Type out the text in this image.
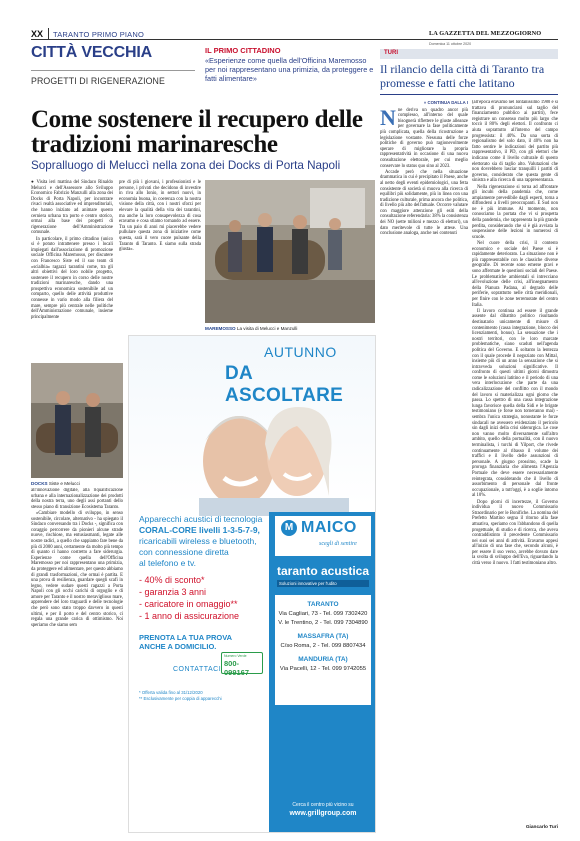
XX TARANTO PRIMO PIANO	LA GAZZETTA DEL MEZZOGIORNO
Domenica 11 ottobre 2020
CITTÀ VECCHIA
PROGETTI DI RIGENERAZIONE
IL PRIMO CITTADINO
«Esperienze come quella dell'Officina Maremosso per noi rappresentano una primizia, da proteggere e fatti alimentare»
TURI
Il rilancio della città di Taranto tra promesse e fatti che latitano
Come sostenere il recupero delle tradizioni marinaresche
Sopralluogo di Meluccì nella zona dei Docks di Porta Napoli

● Visita ieri mattina del Sindaco Rinaldo Melucci e dell'Assessore allo Sviluppo Economico Fabrizio Manzulli alla zona dei Docks di Porta Napoli, per incontrare rivaci realtà associative ed imprenditoriali, che hanno iniziato ad animare questo cerniera urbana tra porto e centro storico, ormai alla base dei progetti di rigenerazione dell'Amministrazione comunale.

In particolare, il primo cittadino (unico si è potuto intrattenere presso i locali impiegati dall'associazione di promozione sociale Officina Maremosso, per discutere con Francesco Siste ed il suo team di «scialbia» ragazzi tarantini come, tra gli altri obiettivi del loro nobile progetto, sostenere il recupero in corso delle nostre tradizioni marinaresche, dando una prospettiva economica sostenibile ad un comparto, quello delle attività produttive connesse in vario modo alla filiera del mare, sempre più centrale nelle politiche dell'Amministrazione comunale, insieme principalmente

pre di più i giovani, i professionisti e le persone, i privati che decidono di investire in riva allo Ionio, in settori nuovi, in economia buona, in coerenza con la nostra visione della città, con i nostri sforzi per elevare la qualità della vita dei tarantini, ma anche la loro consapevolezza di cosa eravamo e cosa stiamo tornando ad essere. Tra un paio di anni mi piacerebbe vedere pullulare questa zona di iniziative come questa, sarà il vero cuore pulsante della Taranto di Taranto. E siamo sulla strada giusta».

MAREMOSSO La visita di Melucci e Manzulli
DOCKS Siste e Melucci

all'innovazione digitale, alla riqualificazione urbana e alla internazionalizzazione dei prodotti della nostra terra, uno degli assi portanti dello stesso piano di transizione Ecosistema Taranto.

«Cambiare modello di sviluppo, in senso sostenibile, circolare, alternativo - ha spiegato il Sindaco conversando tra i Docks -, significa con coraggio percorrere da pionieri alcune strade nuove, rischiose, ma entusiasmanti, legate alle nostre radici, a quello che sappiamo fare bene da più di 2000 anni, certamente da molto più tempo di quanto ci hanno costretto a fare siderurgia. Esperienze come quella dell'Officina Maremosso per noi rappresentano una primizia, da proteggere ed alimentare, per questo abbiamo di grandi trasformazioni, che ormai è partita. E una prova di resilienza, guardare quegli scafi in legno, vedere sudare questi ragazzi a Porta Napoli con gli occhi carichi di orgoglio e di amore per Taranto e il nostro meraviglioso mare, apprendere del loro traguardi e delle tecnologie che però sono stato troppo davvero in questi ultimi, e per il porto e del centro storico, ci regala una grande carica di ottimismo. Noi speriamo che siamo sem

AUTUNNO
DA ASCOLTARE
Apparecchi acustici di tecnologia
CORAL-CORE livelli 1-3-5-7-9,
ricaricabili wireless e bluetooth,
con connessione diretta
al telefono e tv.
- 40% di sconto*
- garanzia 3 anni
- caricatore in omaggio**
- 1 anno di assicurazione
PRENOTA LA TUA PROVA ANCHE A DOMICILIO.
CONTATTACI
Numero Verde
800-099167
* Offerta valida fino al 31/12/2020
** Esclusivamente per coppia di apparecchi
M MAICO
scegli di sentire
taranto acustica
Soluzioni innovative per l'udito
TARANTO
Via Cagliari, 73 - Tel. 099 7302420
V. le Trentino, 2 - Tel. 099 7304890
MASSAFRA (TA)
C/so Roma, 2 - Tel. 099 8807434
MANDURIA (TA)
Via Pacelli, 12 - Tel. 099 9742055
Cerca il centro più vicino su
www.grillgroup.com
» CONTINUA DALLA I

Nne deriva un quadro ancor più complesso, all'interno del quale bisognerà riflettere le giuste alleanze per governare la fase politicamente più complicata, quella della ricostruzione a legislazione vostante. Nessuna delle forze politiche di governo può ragionevolmente sperare di migliorare la propria rappresentatività in occasione di una nuova consultazione elettorale, per cui meglio conservare lo status quo sino al 2023.

Accade però che nella situazione drammatica in cui è precipitato il Paese, anche al netto degli eventi epidemiologici, una fetta consistente di società si muova alla ricerca di equilibri più solidamente, più in linea con una tradizione culturale, prima ancora che politica, di livello più alto dell'attuale. Occorre valutare con maggiore attenzione gli esiti della consultazione referendaria: 38% la consistenza dei NO (sette milioni e mezzo di elettori), un dato meritevole di tutte le attese. Una conclusione analoga, anche nei contenuti

(all'epoca eravamo nel lontanissimo 1980 e si trattava di pronunciarsi sul taglio del finanziamento pubblico ai partiti), fece registrare un consenso molto più largo che toccò il 80% degli elettori. Il confronto ci aiuta soprattutto all'interno del campo progressista: il 40%. Da una sorta di regionalismo del solo dato, il 40% non ha fatto sentire le indicazioni del partito più rappresentativo, il PD, con gli elettori che indicano come il livello culturale di questo elettorato sia di taglio alto. Valutazioni che non dovrebbero lasciar tranquilli i partiti di governo, considerato che questa gente di sinistra e alla ricerca di una rappresentanza.

Nella rigenerazione si torna ad affrontare gli incubi della pandemia che, come ampiamente prevedibile dagli esperti, torna a diffondersi a livelli preoccupanti. E Sud non ne è più immune. Al momento, non conosciamo la portata che vi si prospetta della pandemia, che rappresenta la più grande perdita, considerando che si è già avviata la sospensione delle lezioni in numerosi di scuole.

Nel cuore della crisi, il contesto economico e sociale del Paese si è rapidamente deteriorato. La situazione non è più rappresentabile con le classiche diverse geografie. Di recente sono emerse gravi e sono affermate le questioni sociali del Paese. Le problematiche ambientali si intrecciano all'evoluzione delle crisi, all'insegnamento della Pianura Padana, al degrado delle periferie, soprattutto nelle città meridionali, per finire con le zone terremotate del centro Italia.

Il lavoro continua ad essere il grande assente dal dibattito politico risultando destinatario unicamente di misure di contenimento (cassa integrazione, blocco dei licenziamenti, bonus). La sensazione che i nostri territori, con le loro marcate problematiche, siano scaduti nell'agenda politica del Governo. E soltanto la lentezza con il quale procede il negoziato con Mittal, insieme più di un anno la sensazione che si intravveda soluzioni significative. Il confronto di questi ultimi giorni dimostra come le soluzioni latitino e il periodo di una vera interlocuzione che parte da una radicalizzazione del conflitto con il mondo del lavoro si materializza ogni giorno che passa. Lo spettro di una cassa integrazione lunga favorisce quella della Sidi e le brigate testimoniano (e forse non torneranno mai) - sembra l'unica strategia, nonostante le forze sindacali ne avessero evidenziato il pericolo sin dagli inizi della crisi siderurgica. Le cose non vanno molto diversamente sull'altro ambito, quello della portualità, con il nuovo terminalista, i turchi di Yilport, che rivede continuamente al ribasso il volume dei traffici e il livello delle assunzioni di personale. A giugno prossimo, scade la proroga finanziaria che alimenta l'Agenzia Portuale che deve essere necessariamente reintegrata, considerando che il livello di assorbimento di personale dal fronte occupazionale, a tutt'oggi, è a soglie intorno al 10%.

Dopo giorni di incertezze, il Governo individua il nuovo Commissario Straordinario per le Bonifiche. La nomina del Prefetto Martino segna il ritorno alla fase attuativa, speriamo con l'abbandono di quella progettuale, di studio e di ricerca, che aveva contraddistinto il precedente Commissario nei suoi sei anni di attività. Eravamo appesi all'inizio di una fase che, secondo alcuni, è per essere il suo verso, avrebbe dovuto dare la svolta di sviluppo dell'Eva, riguardando la città verso il nuovo. I fatti testimoniano altro.

Giancarlo Turi
